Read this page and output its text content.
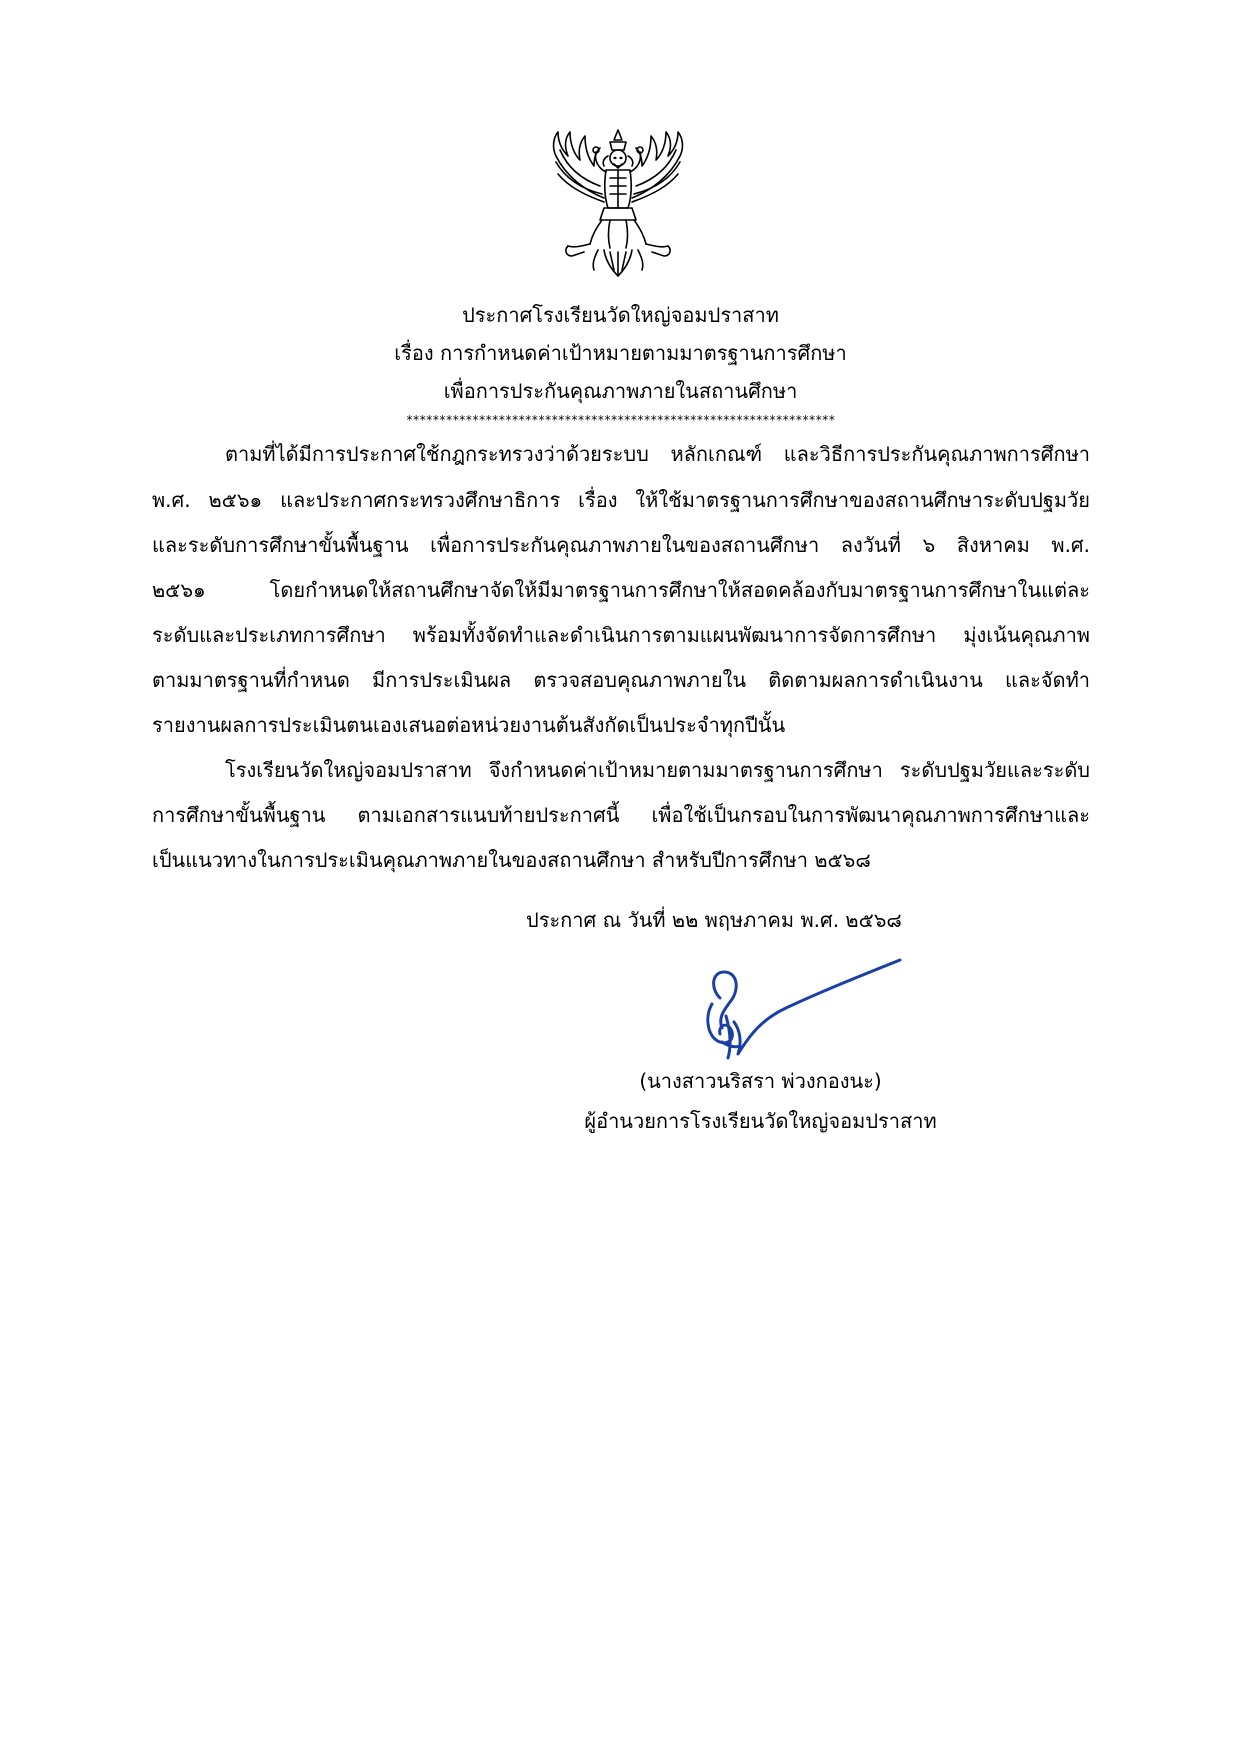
ประกาศโรงเรียนวัดใหญ่จอมปราสาท
เรื่อง การกำหนดค่าเป้าหมายตามมาตรฐานการศึกษา
เพื่อการประกันคุณภาพภายในสถานศึกษา
*****************************************************************
ตามที่ได้มีการประกาศใช้กฎกระทรวงว่าด้วยระบบ หลักเกณฑ์ และวิธีการประกันคุณภาพการศึกษา
พ.ศ. ๒๕๖๑ และประกาศกระทรวงศึกษาธิการ เรื่อง ให้ใช้มาตรฐานการศึกษาของสถานศึกษาระดับปฐมวัย
และระดับการศึกษาขั้นพื้นฐาน เพื่อการประกันคุณภาพภายในของสถานศึกษา ลงวันที่ ๖ สิงหาคม พ.ศ.
๒๕๖๑ โดยกำหนดให้สถานศึกษาจัดให้มีมาตรฐานการศึกษาให้สอดคล้องกับมาตรฐานการศึกษาในแต่ละ
ระดับและประเภทการศึกษา พร้อมทั้งจัดทำและดำเนินการตามแผนพัฒนาการจัดการศึกษา มุ่งเน้นคุณภาพ
ตามมาตรฐานที่กำหนด มีการประเมินผล ตรวจสอบคุณภาพภายใน ติดตามผลการดำเนินงาน และจัดทำ
รายงานผลการประเมินตนเองเสนอต่อหน่วยงานต้นสังกัดเป็นประจำทุกปีนั้น
โรงเรียนวัดใหญ่จอมปราสาท จึงกำหนดค่าเป้าหมายตามมาตรฐานการศึกษา ระดับปฐมวัยและระดับ
การศึกษาขั้นพื้นฐาน ตามเอกสารแนบท้ายประกาศนี้ เพื่อใช้เป็นกรอบในการพัฒนาคุณภาพการศึกษาและ
เป็นแนวทางในการประเมินคุณภาพภายในของสถานศึกษา สำหรับปีการศึกษา ๒๕๖๘
ประกาศ ณ วันที่ ๒๒ พฤษภาคม พ.ศ. ๒๕๖๘
(นางสาวนริสรา พ่วงกองนะ)
ผู้อำนวยการโรงเรียนวัดใหญ่จอมปราสาท
